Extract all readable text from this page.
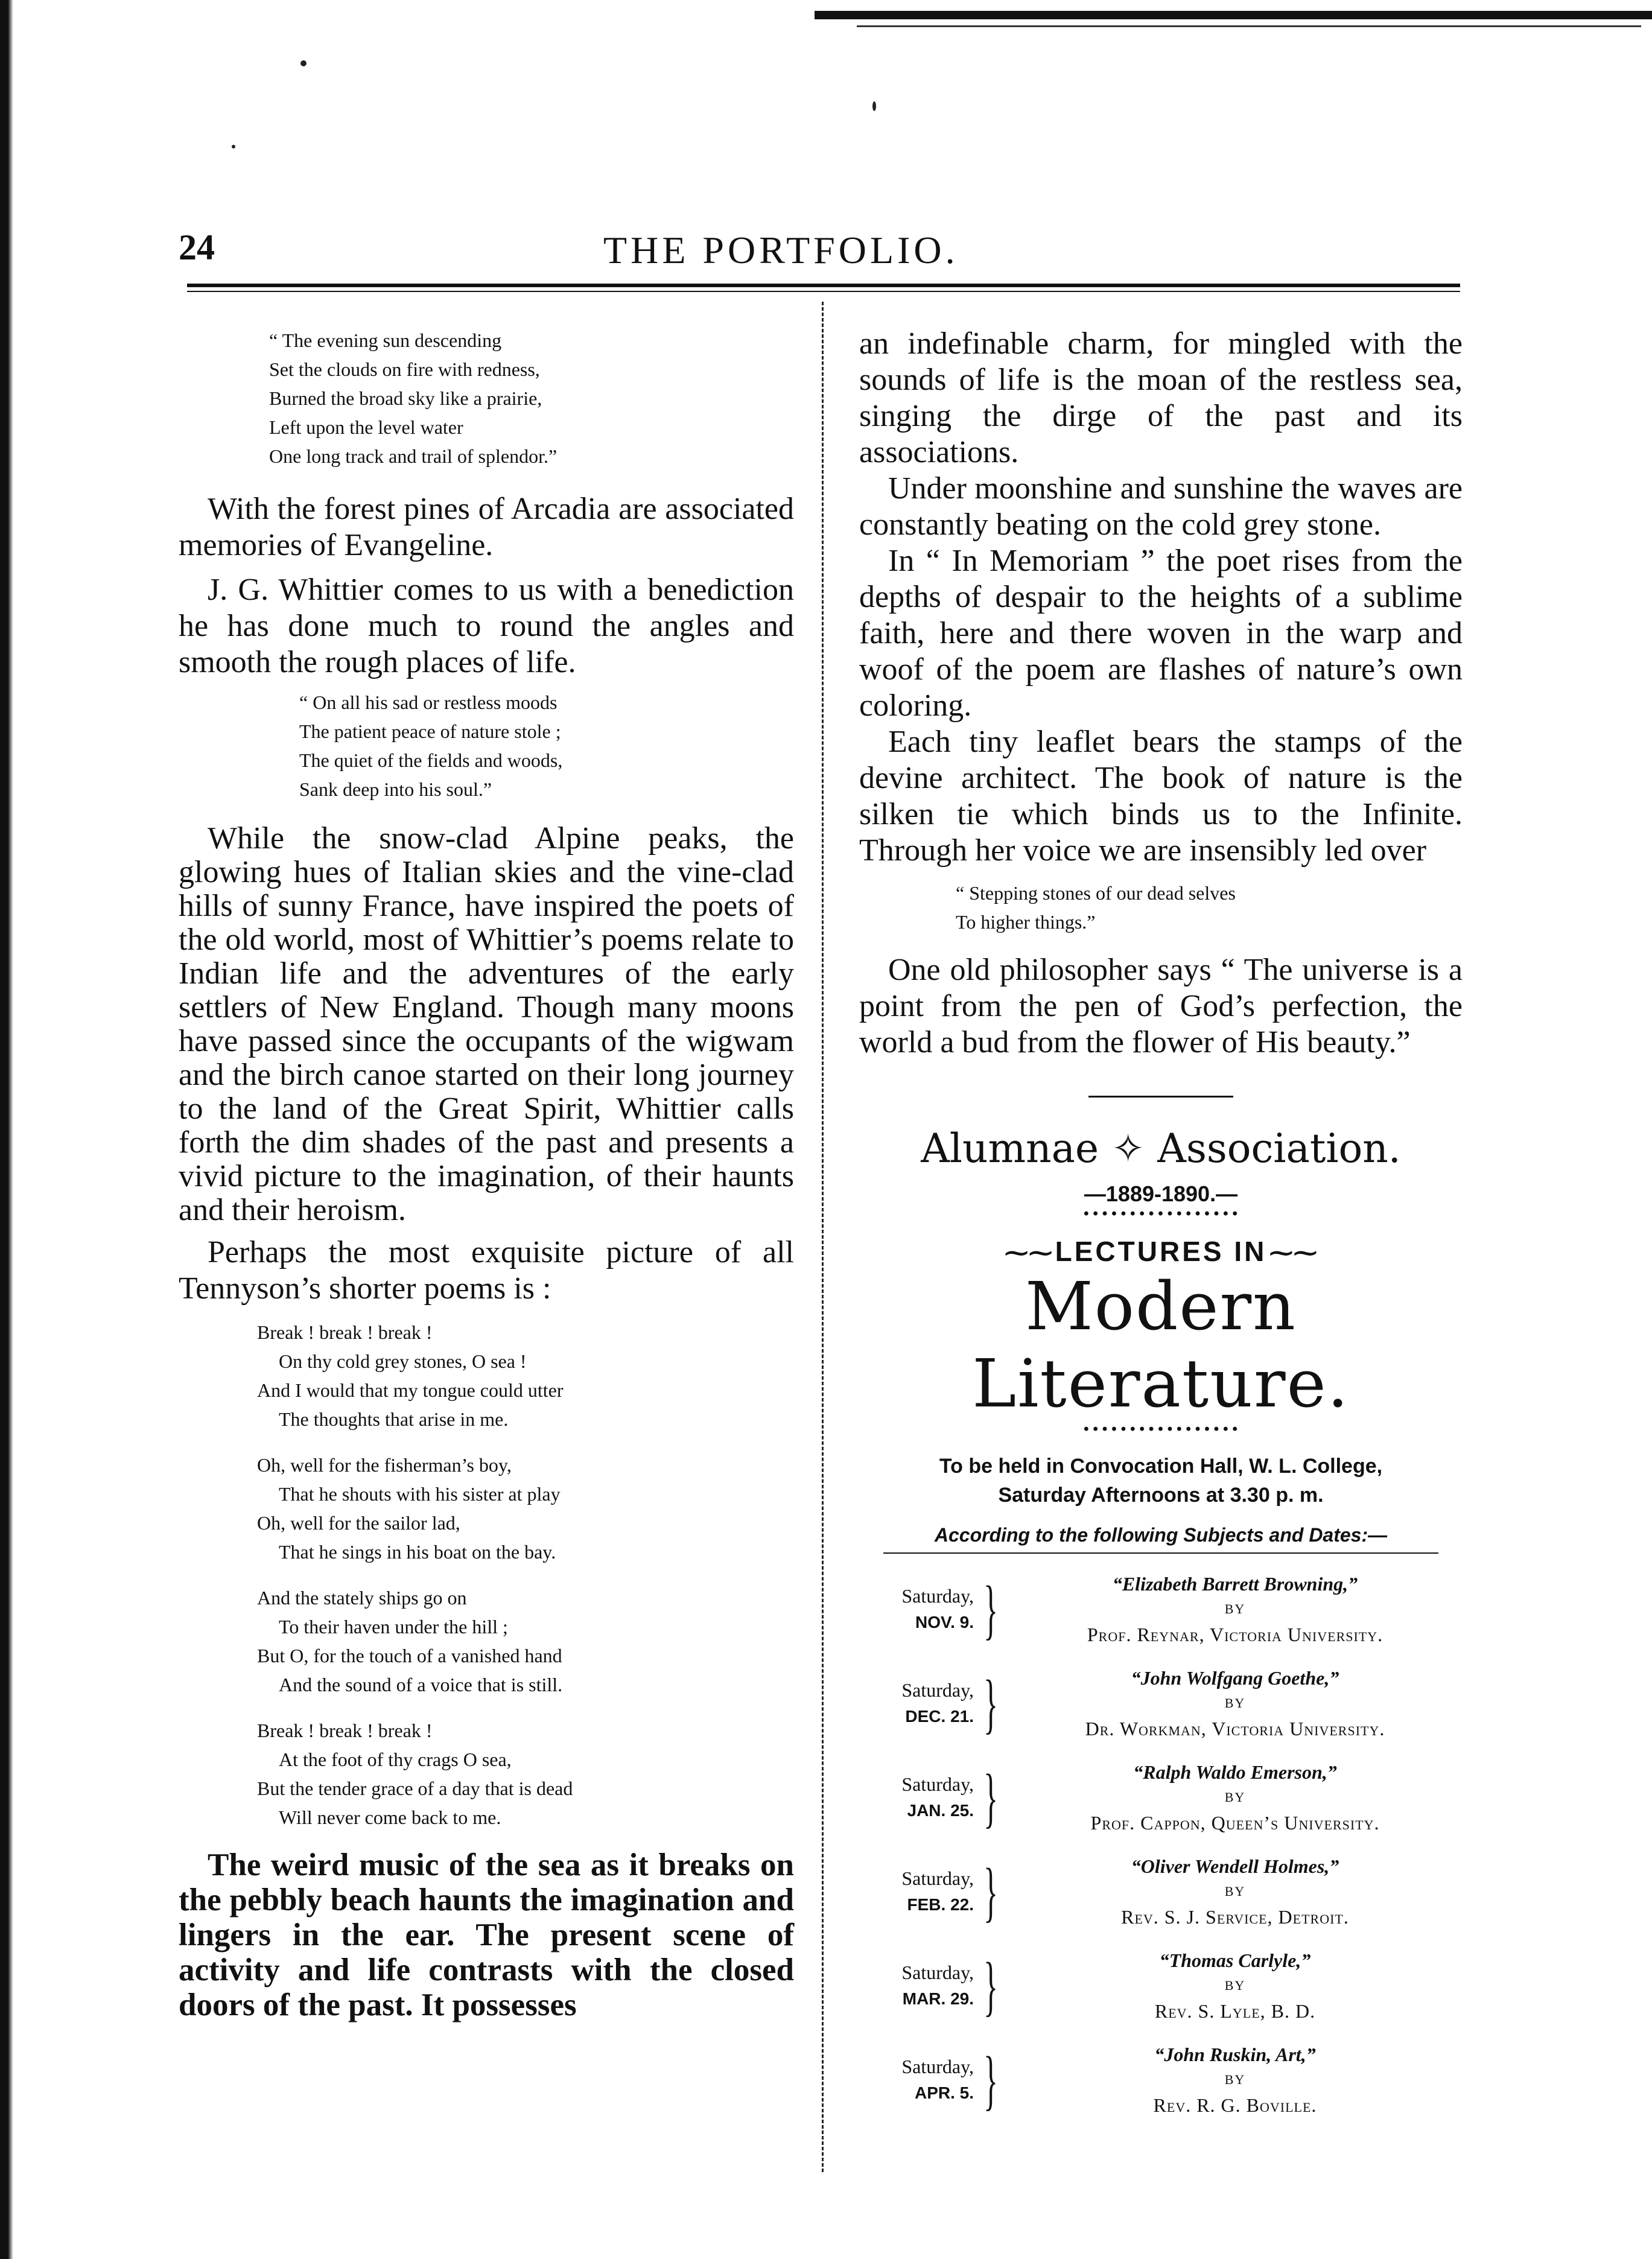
24	THE PORTFOLIO.
“ The evening sun descending
Set the clouds on fire with redness,
Burned the broad sky like a prairie,
Left upon the level water
One long track and trail of splendor.”

With the forest pines of Arcadia are associated memories of Evangeline.

J. G. Whittier comes to us with a benediction he has done much to round the angles and smooth the rough places of life.

“ On all his sad or restless moods
The patient peace of nature stole ;
The quiet of the fields and woods,
Sank deep into his soul.”

While the snow-clad Alpine peaks, the glowing hues of Italian skies and the vine-clad hills of sunny France, have inspired the poets of the old world, most of Whittier’s poems relate to Indian life and the adventures of the early settlers of New England. Though many moons have passed since the occupants of the wigwam and the birch canoe started on their long journey to the land of the Great Spirit, Whittier calls forth the dim shades of the past and presents a vivid picture to the imagination, of their haunts and their heroism.

Perhaps the most exquisite picture of all Tennyson’s shorter poems is :

Break ! break ! break !
On thy cold grey stones, O sea !
And I would that my tongue could utter
The thoughts that arise in me.
Oh, well for the fisherman’s boy,
That he shouts with his sister at play
Oh, well for the sailor lad,
That he sings in his boat on the bay.
And the stately ships go on
To their haven under the hill ;
But O, for the touch of a vanished hand
And the sound of a voice that is still.
Break ! break ! break !
At the foot of thy crags O sea,
But the tender grace of a day that is dead
Will never come back to me.

The weird music of the sea as it breaks on the pebbly beach haunts the imagination and lingers in the ear. The present scene of activity and life contrasts with the closed doors of the past. It possesses

an indefinable charm, for mingled with the sounds of life is the moan of the restless sea, singing the dirge of the past and its associations.

Under moonshine and sunshine the waves are constantly beating on the cold grey stone.

In “ In Memoriam ” the poet rises from the depths of despair to the heights of a sublime faith, here and there woven in the warp and woof of the poem are flashes of nature’s own coloring.

Each tiny leaflet bears the stamps of the devine architect. The book of nature is the silken tie which binds us to the Infinite. Through her voice we are insensibly led over

“ Stepping stones of our dead selves
To higher things.”

One old philosopher says “ The universe is a point from the pen of God’s perfection, the world a bud from the flower of His beauty.”

Alumnae ✧ Association.

—1889-1890.—
•••••••••••••••••
⁓⁓ LECTURES IN ⁓⁓

Modern Literature.

•••••••••••••••••
To be held in Convocation Hall, W. L. College,
Saturday Afternoons at 3.30 p. m.
According to the following Subjects and Dates:—
Saturday,
NOV. 9. }	“Elizabeth Barrett Browning,”
BY
Prof. Reynar, Victoria University.
Saturday,
DEC. 21. }	“John Wolfgang Goethe,”
BY
Dr. Workman, Victoria University.
Saturday,
JAN. 25. }	“Ralph Waldo Emerson,”
BY
Prof. Cappon, Queen’s University.
Saturday,
FEB. 22. }	“Oliver Wendell Holmes,”
BY
Rev. S. J. Service, Detroit.
Saturday,
MAR. 29. }	“Thomas Carlyle,”
BY
Rev. S. Lyle, B. D.
Saturday,
APR. 5. }	“John Ruskin, Art,”
BY
Rev. R. G. Boville.
